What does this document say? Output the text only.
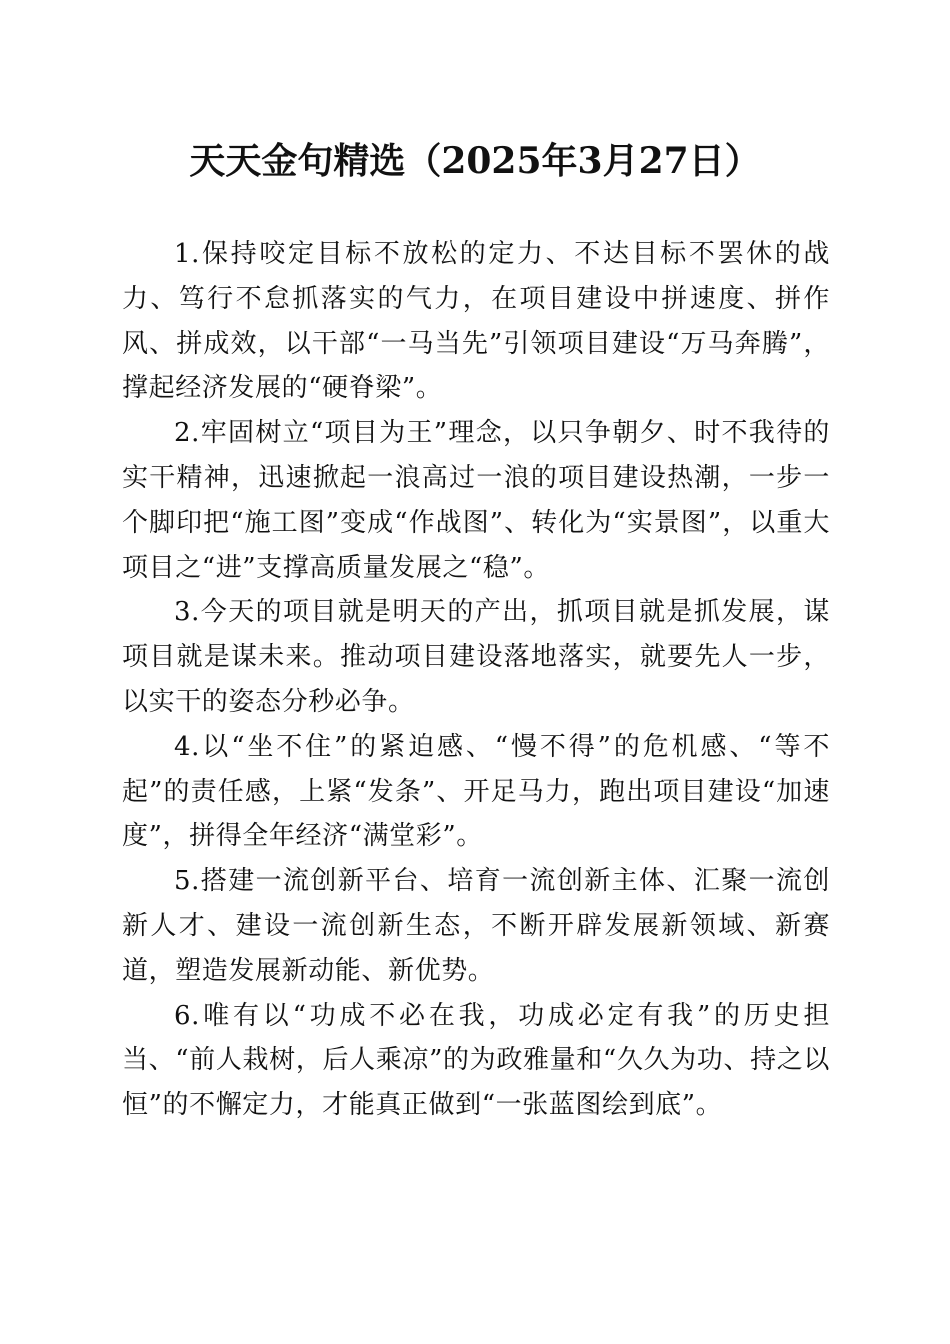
天天金句精选（2025年3月27日）

1.保持咬定目标不放松的定力、不达目标不罢休的战力、笃行不怠抓落实的气力，在项目建设中拼速度、拼作风、拼成效，以干部“一马当先”引领项目建设“万马奔腾”，撑起经济发展的“硬脊梁”。

2.牢固树立“项目为王”理念，以只争朝夕、时不我待的实干精神，迅速掀起一浪高过一浪的项目建设热潮，一步一个脚印把“施工图”变成“作战图”、转化为“实景图”，以重大项目之“进”支撑高质量发展之“稳”。

3.今天的项目就是明天的产出，抓项目就是抓发展，谋项目就是谋未来。推动项目建设落地落实，就要先人一步，以实干的姿态分秒必争。

4.以“坐不住”的紧迫感、“慢不得”的危机感、“等不起”的责任感，上紧“发条”、开足马力，跑出项目建设“加速度”，拼得全年经济“满堂彩”。

5.搭建一流创新平台、培育一流创新主体、汇聚一流创新人才、建设一流创新生态，不断开辟发展新领域、新赛道，塑造发展新动能、新优势。

6.唯有以“功成不必在我，功成必定有我”的历史担当、“前人栽树，后人乘凉”的为政雅量和“久久为功、持之以恒”的不懈定力，才能真正做到“一张蓝图绘到底”。
